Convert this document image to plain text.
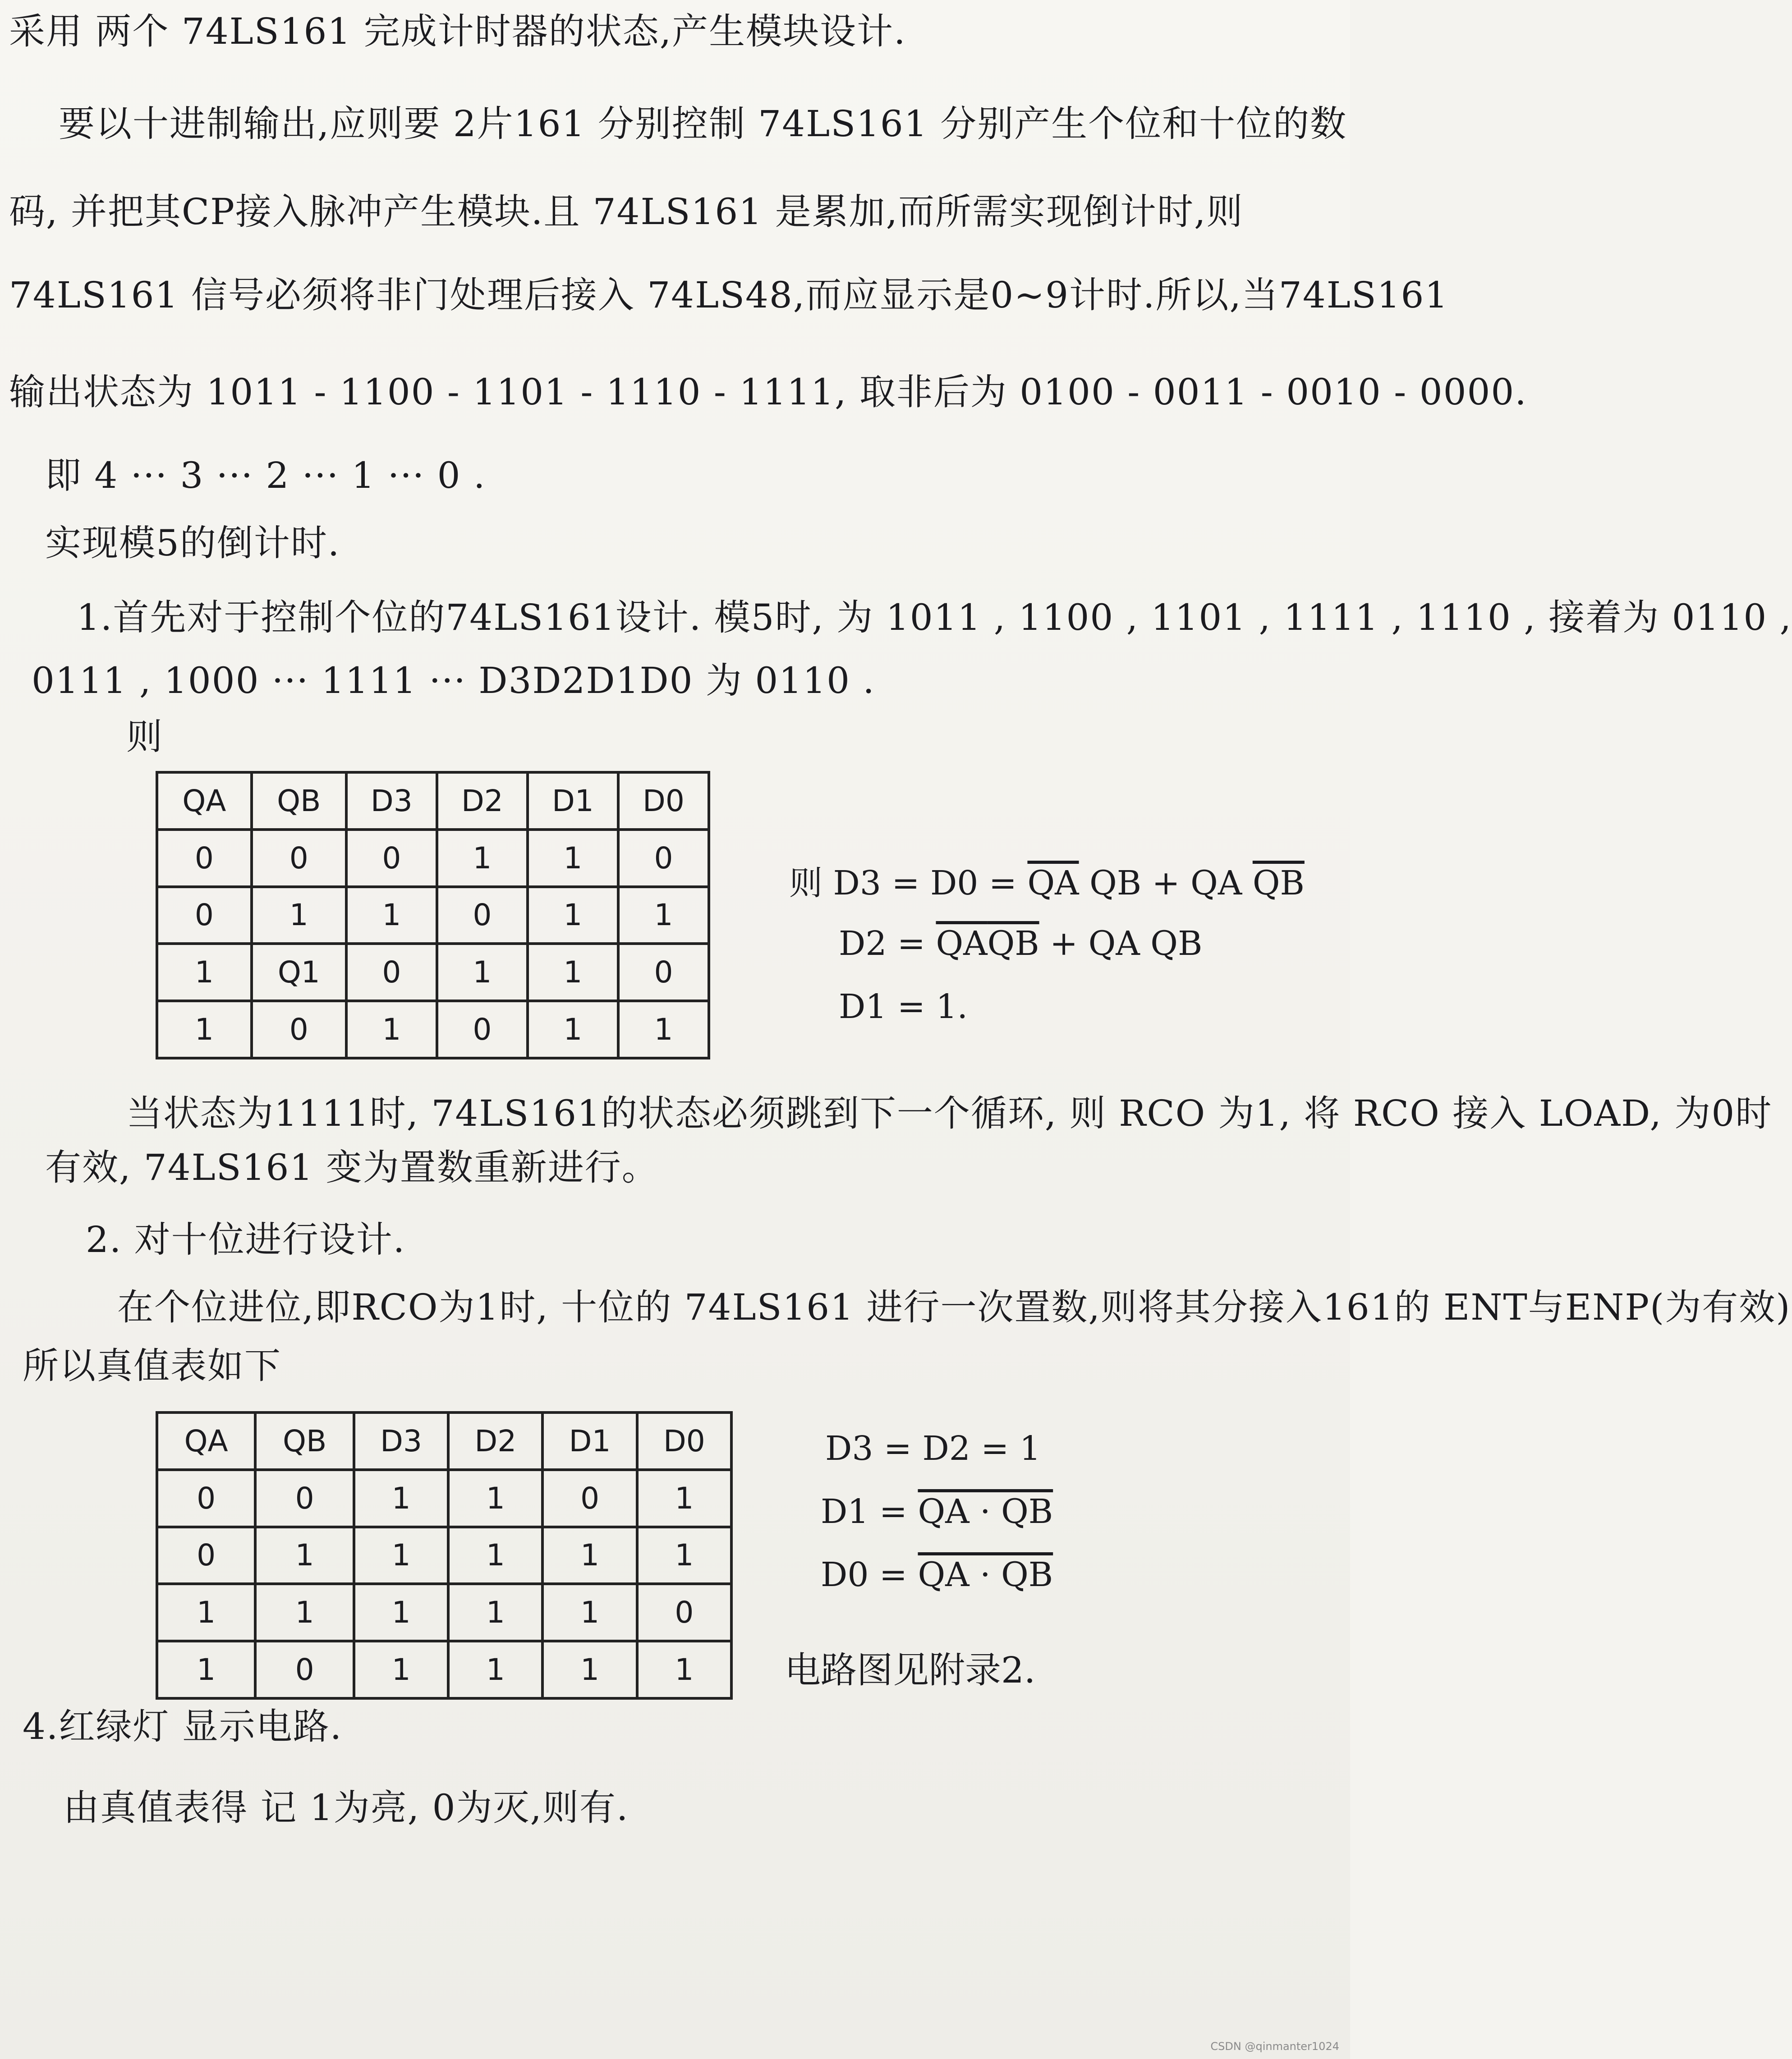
采用 两个 74LS161 完成计时器的状态,产生模块设计.
要以十进制输出,应则要 2片161 分别控制 74LS161 分别产生个位和十位的数
码, 并把其CP接入脉冲产生模块.且 74LS161 是累加,而所需实现倒计时,则
74LS161 信号必须将非门处理后接入 74LS48,而应显示是0~9计时.所以,当74LS161
输出状态为 1011 - 1100 - 1101 - 1110 - 1111, 取非后为 0100 - 0011 - 0010 - 0000.
即 4 ··· 3 ··· 2 ··· 1 ··· 0 .
实现模5的倒计时.
1.首先对于控制个位的74LS161设计. 模5时, 为 1011 , 1100 , 1101 , 1111 , 1110 , 接着为 0110 ,
0111 , 1000 ··· 1111 ··· D3D2D1D0 为 0110 .
则
QA	QB	D3	D2	D1	D0
0	0	0	1	1	0
0	1	1	0	1	1
1	Q1	0	1	1	0
1	0	1	0	1	1
则 $D3 = D0 = \overline{QA}$ QB + QA $\overline{QB}$
$D2 = \overline{QA}\overline{QB}$ + QA QB
D1 = 1.
当状态为1111时, 74LS161的状态必须跳到下一个循环, 则 RCO 为1, 将 RCO 接入 LOAD, 为0时
有效, 74LS161 变为置数重新进行。
2. 对十位进行设计.
在个位进位,即RCO为1时, 十位的 74LS161 进行一次置数,则将其分接入161的 ENT与ENP(为有效)
所以真值表如下
QA	QB	D3	D2	D1	D0
0	0	1	1	0	1
0	1	1	1	1	1
1	1	1	1	1	0
1	0	1	1	1	1
D3 = D2 = 1
D1 = QA · QB
D0 = QA · QB
电路图见附录2.
4.红绿灯 显示电路.
由真值表得 记 1为亮, 0为灭,则有.
CSDN @qinmanter1024
